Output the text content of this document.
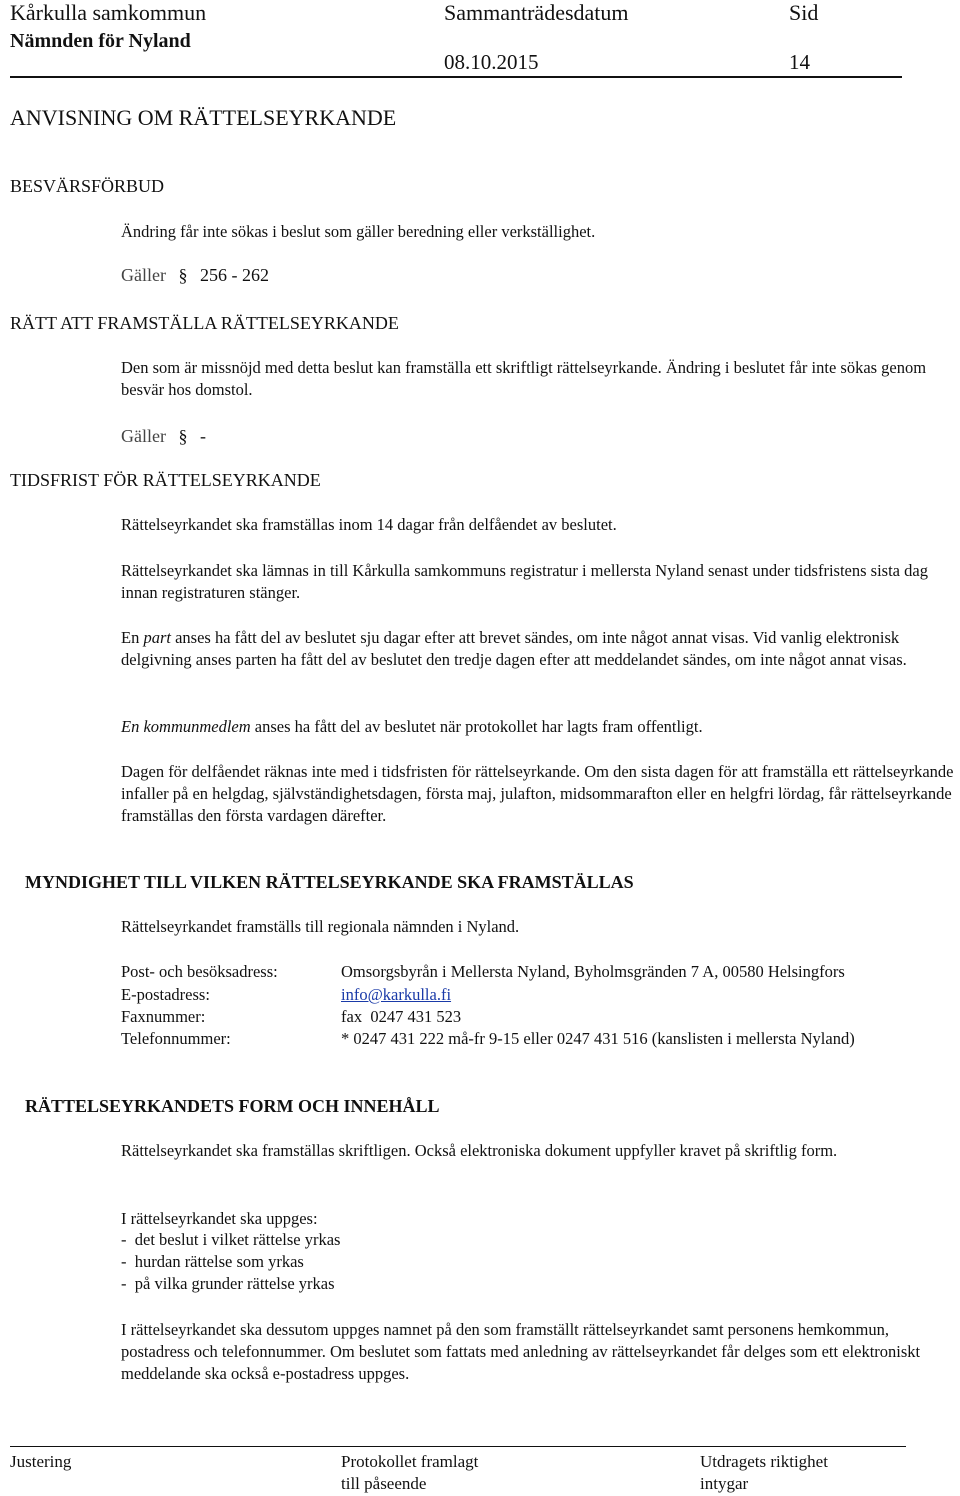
Kårkulla samkommun
Nämnden för Nyland
Sammanträdesdatum
08.10.2015
Sid
14
ANVISNING OM RÄTTELSEYRKANDE
BESVÄRSFÖRBUD
Ändring får inte sökas i beslut som gäller beredning eller verkställighet.
Gäller § 256 - 262
RÄTT ATT FRAMSTÄLLA RÄTTELSEYRKANDE
Den som är missnöjd med detta beslut kan framställa ett skriftligt rättelseyrkande. Ändring i beslutet får inte sökas genom besvär hos domstol.
Gäller § -
TIDSFRIST FÖR RÄTTELSEYRKANDE
Rättelseyrkandet ska framställas inom 14 dagar från delfåendet av beslutet.
Rättelseyrkandet ska lämnas in till Kårkulla samkommuns registratur i mellersta Nyland senast under tidsfristens sista dag innan registraturen stänger.
En part anses ha fått del av beslutet sju dagar efter att brevet sändes, om inte något annat visas. Vid vanlig elektronisk delgivning anses parten ha fått del av beslutet den tredje dagen efter att meddelandet sändes, om inte något annat visas.
En kommunmedlem anses ha fått del av beslutet när protokollet har lagts fram offentligt.
Dagen för delfåendet räknas inte med i tidsfristen för rättelseyrkande. Om den sista dagen för att framställa ett rättelseyrkande infaller på en helgdag, självständighetsdagen, första maj, julafton, midsommarafton eller en helgfri lördag, får rättelseyrkande framställas den första vardagen därefter.
MYNDIGHET TILL VILKEN RÄTTELSEYRKANDE SKA FRAMSTÄLLAS
Rättelseyrkandet framställs till regionala nämnden i Nyland.
Post- och besöksadress:	Omsorgsbyrån i Mellersta Nyland, Byholmsgränden 7 A, 00580 Helsingfors
E-postadress:	info@karkulla.fi
Faxnummer:	fax  0247 431 523
Telefonnummer:	* 0247 431 222 må-fr 9-15 eller 0247 431 516 (kanslisten i mellersta Nyland)
RÄTTELSEYRKANDETS FORM OCH INNEHÅLL
Rättelseyrkandet ska framställas skriftligen. Också elektroniska dokument uppfyller kravet på skriftlig form.
I rättelseyrkandet ska uppges:
-  det beslut i vilket rättelse yrkas
-  hurdan rättelse som yrkas
-  på vilka grunder rättelse yrkas
I rättelseyrkandet ska dessutom uppges namnet på den som framställt rättelseyrkandet samt personens hemkommun, postadress och telefonnummer. Om beslutet som fattats med anledning av rättelseyrkandet får delges som ett elektroniskt meddelande ska också e-postadress uppges.
Justering	Protokollet framlagt
till påseende
Utdragets riktighet
intygar
